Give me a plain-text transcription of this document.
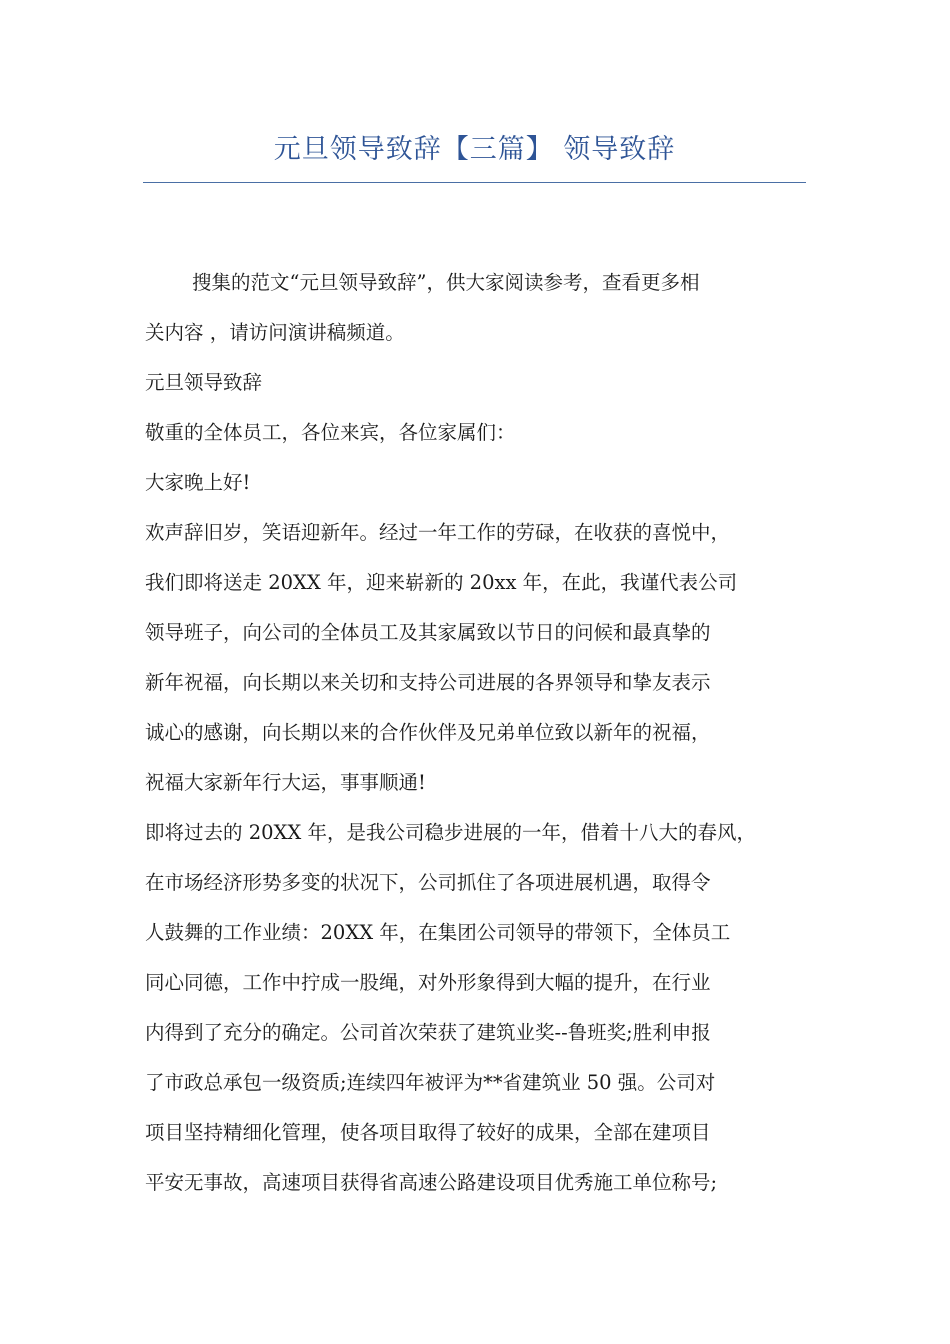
元旦领导致辞【三篇】 领导致辞
搜集的范文“元旦领导致辞”，供大家阅读参考，查看更多相
关内容 ，请访问演讲稿频道。
元旦领导致辞
敬重的全体员工，各位来宾，各位家属们：
大家晚上好!
欢声辞旧岁，笑语迎新年。经过一年工作的劳碌，在收获的喜悦中，
我们即将送走 20XX 年，迎来崭新的 20xx 年，在此，我谨代表公司
领导班子，向公司的全体员工及其家属致以节日的问候和最真挚的
新年祝福，向长期以来关切和支持公司进展的各界领导和挚友表示
诚心的感谢，向长期以来的合作伙伴及兄弟单位致以新年的祝福，
祝福大家新年行大运，事事顺通!
即将过去的 20XX 年，是我公司稳步进展的一年，借着十八大的春风，
在市场经济形势多变的状况下，公司抓住了各项进展机遇，取得令
人鼓舞的工作业绩：20XX 年，在集团公司领导的带领下，全体员工
同心同德，工作中拧成一股绳，对外形象得到大幅的提升，在行业
内得到了充分的确定。公司首次荣获了建筑业奖--鲁班奖;胜利申报
了市政总承包一级资质;连续四年被评为**省建筑业 50 强。公司对
项目坚持精细化管理，使各项目取得了较好的成果，全部在建项目
平安无事故，高速项目获得省高速公路建设项目优秀施工单位称号;
